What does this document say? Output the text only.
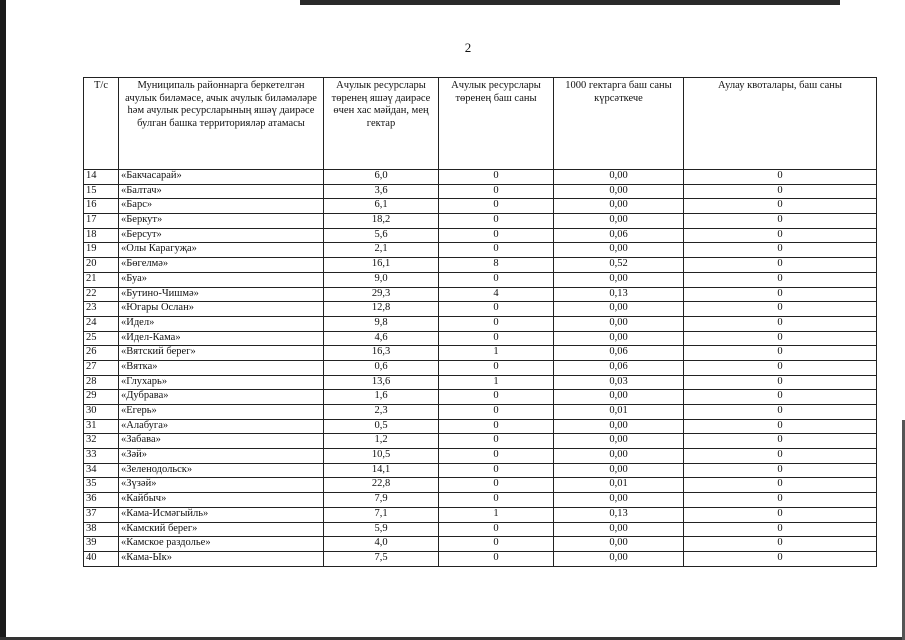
2
Т/с	Муниципаль районнарга беркетелгән ачулык биләмәсе, ачык ачулык биләмәләре һәм ачулык ресурсларының яшәү даирәсе булган башка территорияләр атамасы	Ачулык ресурслары төренең яшәү даирәсе өчен хас мәйдан, мең гектар	Ачулык ресурслары төренең баш саны	1000 гектарга баш саны күрсәткече	Аулау квоталары, баш саны
14	«Бакчасарай»	6,0	0	0,00	0
15	«Балтач»	3,6	0	0,00	0
16	«Барс»	6,1	0	0,00	0
17	«Беркут»	18,2	0	0,00	0
18	«Берсут»	5,6	0	0,06	0
19	«Олы Карагуҗа»	2,1	0	0,00	0
20	«Бөгелмә»	16,1	8	0,52	0
21	«Буа»	9,0	0	0,00	0
22	«Бутино-Чишмә»	29,3	4	0,13	0
23	«Югары Ослан»	12,8	0	0,00	0
24	«Идел»	9,8	0	0,00	0
25	«Идел-Кама»	4,6	0	0,00	0
26	«Вятский берег»	16,3	1	0,06	0
27	«Вятка»	0,6	0	0,06	0
28	«Глухарь»	13,6	1	0,03	0
29	«Дубрава»	1,6	0	0,00	0
30	«Егерь»	2,3	0	0,01	0
31	«Алабуга»	0,5	0	0,00	0
32	«Забава»	1,2	0	0,00	0
33	«Зәй»	10,5	0	0,00	0
34	«Зеленодольск»	14,1	0	0,00	0
35	«Зүзәй»	22,8	0	0,01	0
36	«Кайбыч»	7,9	0	0,00	0
37	«Кама-Исмәгыйль»	7,1	1	0,13	0
38	«Камский берег»	5,9	0	0,00	0
39	«Камское раздолье»	4,0	0	0,00	0
40	«Кама-Ык»	7,5	0	0,00	0
